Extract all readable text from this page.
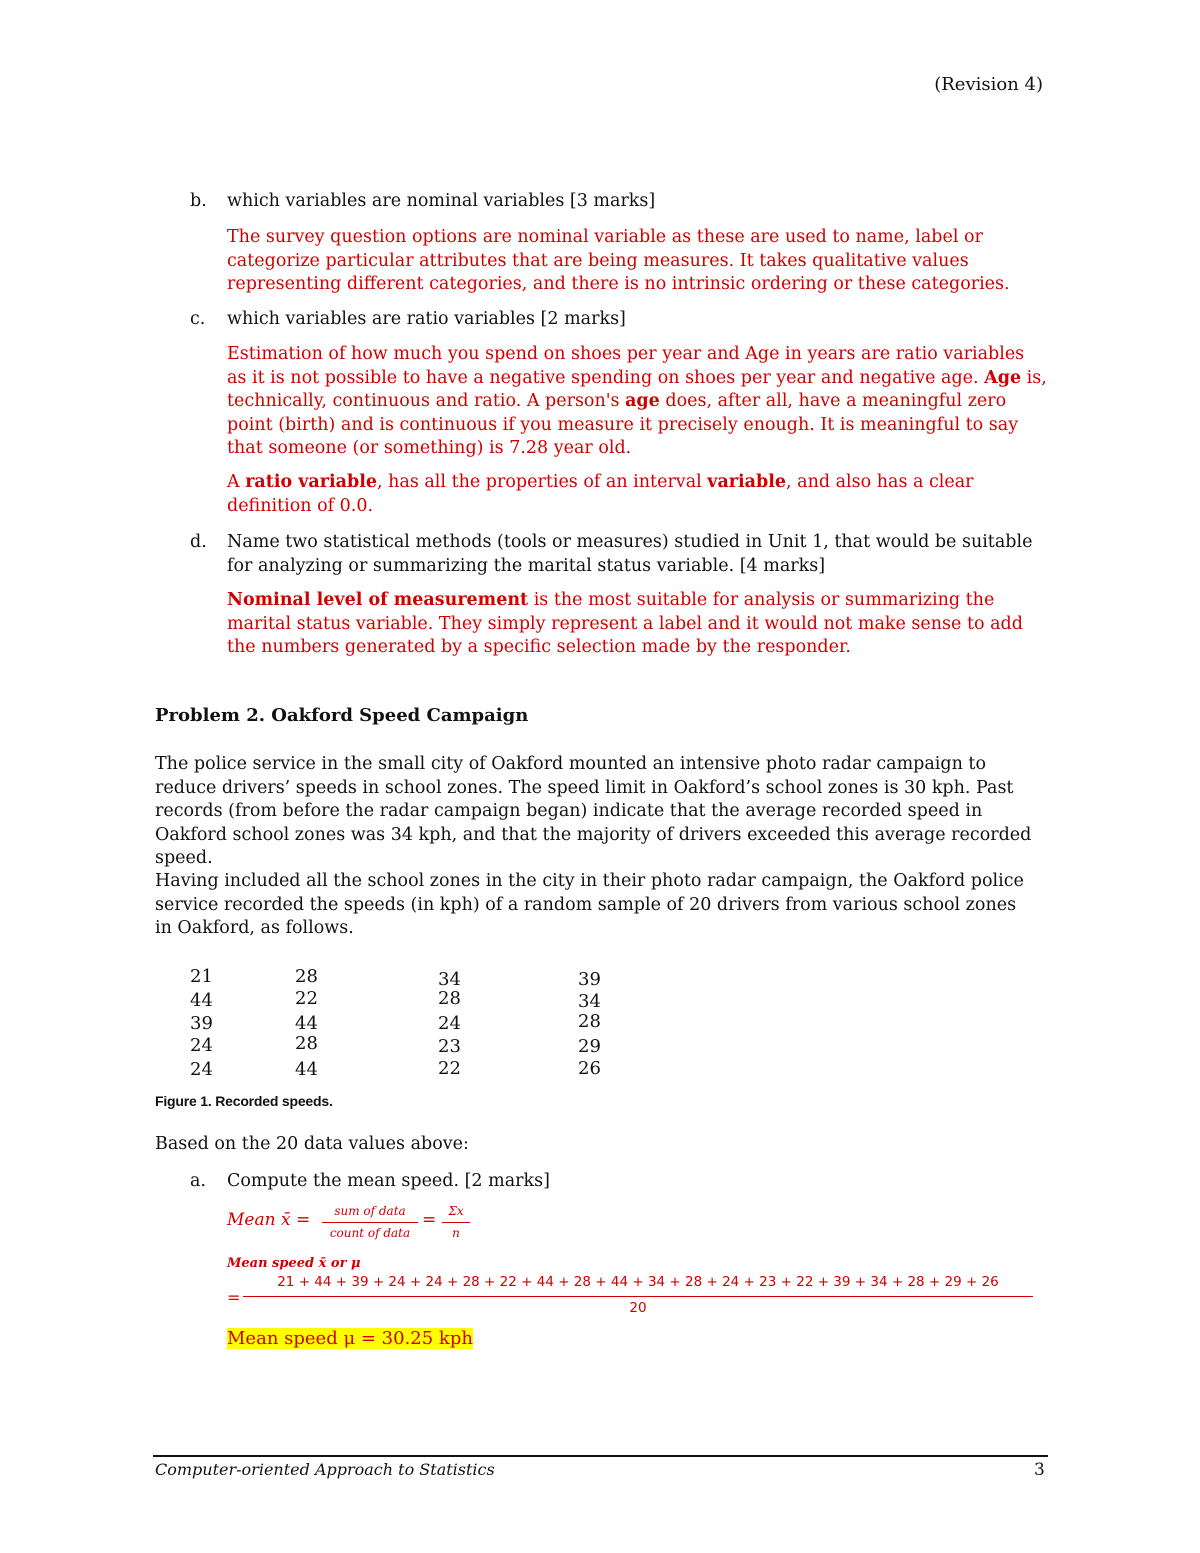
(Revision 4)
b. which variables are nominal variables [3 marks]
The survey question options are nominal variable as these are used to name, label or categorize particular attributes that are being measures. It takes qualitative values representing different categories, and there is no intrinsic ordering or these categories.
c. which variables are ratio variables [2 marks]
Estimation of how much you spend on shoes per year and Age in years are ratio variables as it is not possible to have a negative spending on shoes per year and negative age. Age is, technically, continuous and ratio. A person's age does, after all, have a meaningful zero point (birth) and is continuous if you measure it precisely enough. It is meaningful to say that someone (or something) is 7.28 year old.
A ratio variable, has all the properties of an interval variable, and also has a clear definition of 0.0.
d. Name two statistical methods (tools or measures) studied in Unit 1, that would be suitable for analyzing or summarizing the marital status variable. [4 marks]
Nominal level of measurement is the most suitable for analysis or summarizing the marital status variable. They simply represent a label and it would not make sense to add the numbers generated by a specific selection made by the responder.
Problem 2. Oakford Speed Campaign
The police service in the small city of Oakford mounted an intensive photo radar campaign to reduce drivers’ speeds in school zones. The speed limit in Oakford’s school zones is 30 kph. Past records (from before the radar campaign began) indicate that the average recorded speed in Oakford school zones was 34 kph, and that the majority of drivers exceeded this average recorded speed.
Having included all the school zones in the city in their photo radar campaign, the Oakford police service recorded the speeds (in kph) of a random sample of 20 drivers from various school zones in Oakford, as follows.
21	28	34	39
44	22	28	34
39	44	24	28
24	28	23	29
24	44	22	26
Figure 1. Recorded speeds.
Based on the 20 data values above:
a. Compute the mean speed. [2 marks]
Mean x̄ =	sum of data
count of data
=	Σx
n
Mean speed x̄ or μ
=
21 + 44 + 39 + 24 + 24 + 28 + 22 + 44 + 28 + 44 + 34 + 28 + 24 + 23 + 22 + 39 + 34 + 28 + 29 + 26
20
Mean speed μ = 30.25 kph
Computer-oriented Approach to Statistics	3
